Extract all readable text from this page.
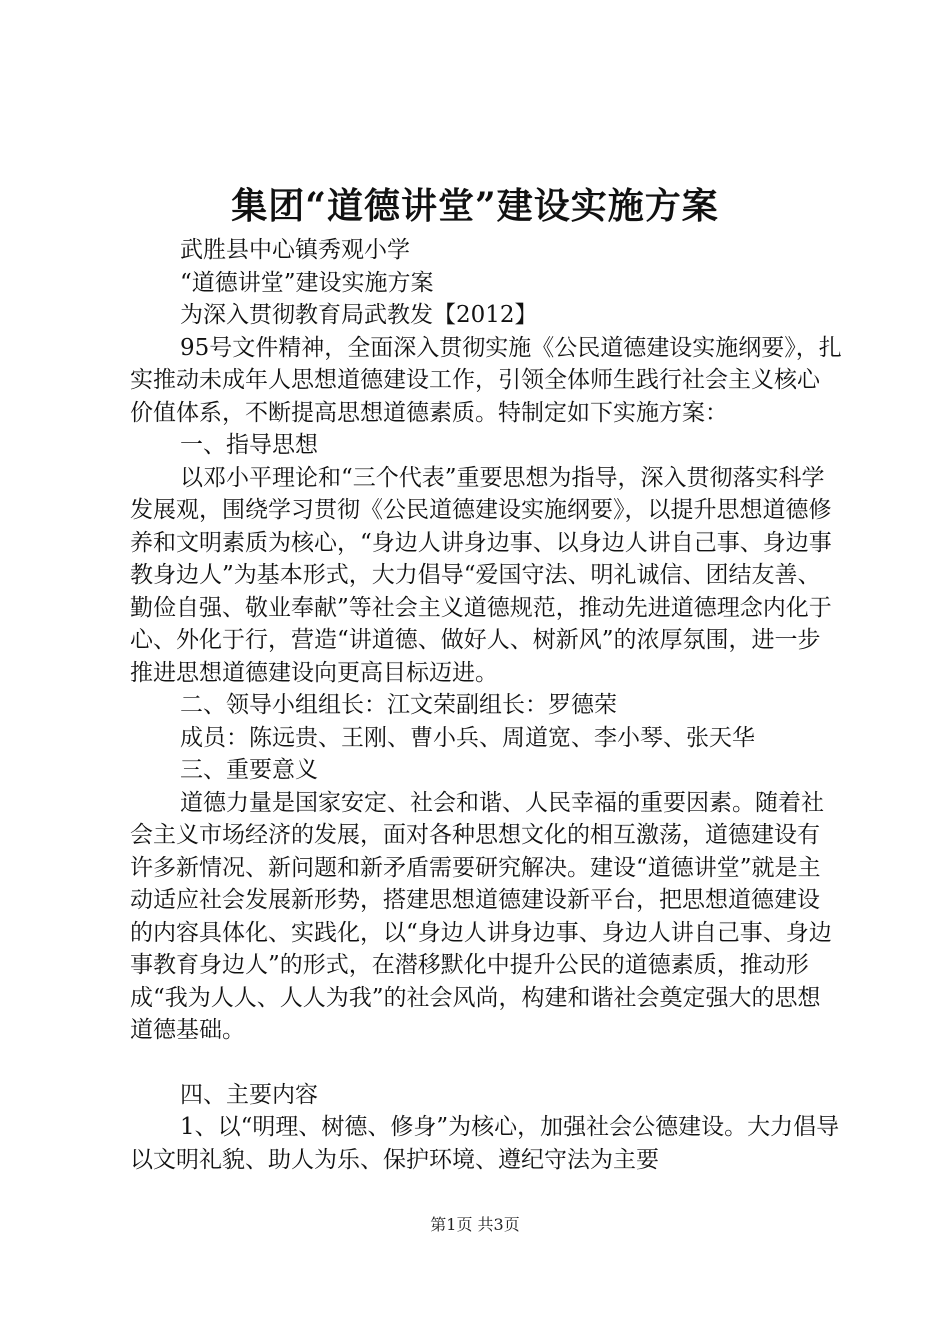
集团“道德讲堂”建设实施方案

武胜县中心镇秀观小学

“道德讲堂”建设实施方案

为深入贯彻教育局武教发【2012】

95号文件精神，全面深入贯彻实施《公民道德建设实施纲要》，扎实推动未成年人思想道德建设工作，引领全体师生践行社会主义核心价值体系，不断提高思想道德素质。特制定如下实施方案：

一、指导思想

以邓小平理论和“三个代表”重要思想为指导，深入贯彻落实科学发展观，围绕学习贯彻《公民道德建设实施纲要》，以提升思想道德修养和文明素质为核心，“身边人讲身边事、以身边人讲自己事、身边事教身边人”为基本形式，大力倡导“爱国守法、明礼诚信、团结友善、勤俭自强、敬业奉献”等社会主义道德规范，推动先进道德理念内化于心、外化于行，营造“讲道德、做好人、树新风”的浓厚氛围，进一步推进思想道德建设向更高目标迈进。

二、领导小组组长：江文荣副组长：罗德荣

成员：陈远贵、王刚、曹小兵、周道宽、李小琴、张天华

三、重要意义

道德力量是国家安定、社会和谐、人民幸福的重要因素。随着社会主义市场经济的发展，面对各种思想文化的相互激荡，道德建设有许多新情况、新问题和新矛盾需要研究解决。建设“道德讲堂”就是主动适应社会发展新形势，搭建思想道德建设新平台，把思想道德建设的内容具体化、实践化，以“身边人讲身边事、身边人讲自己事、身边事教育身边人”的形式，在潜移默化中提升公民的道德素质，推动形成“我为人人、人人为我”的社会风尚，构建和谐社会奠定强大的思想道德基础。

四、主要内容

1、以“明理、树德、修身”为核心，加强社会公德建设。大力倡导以文明礼貌、助人为乐、保护环境、遵纪守法为主要

第1页 共3页
